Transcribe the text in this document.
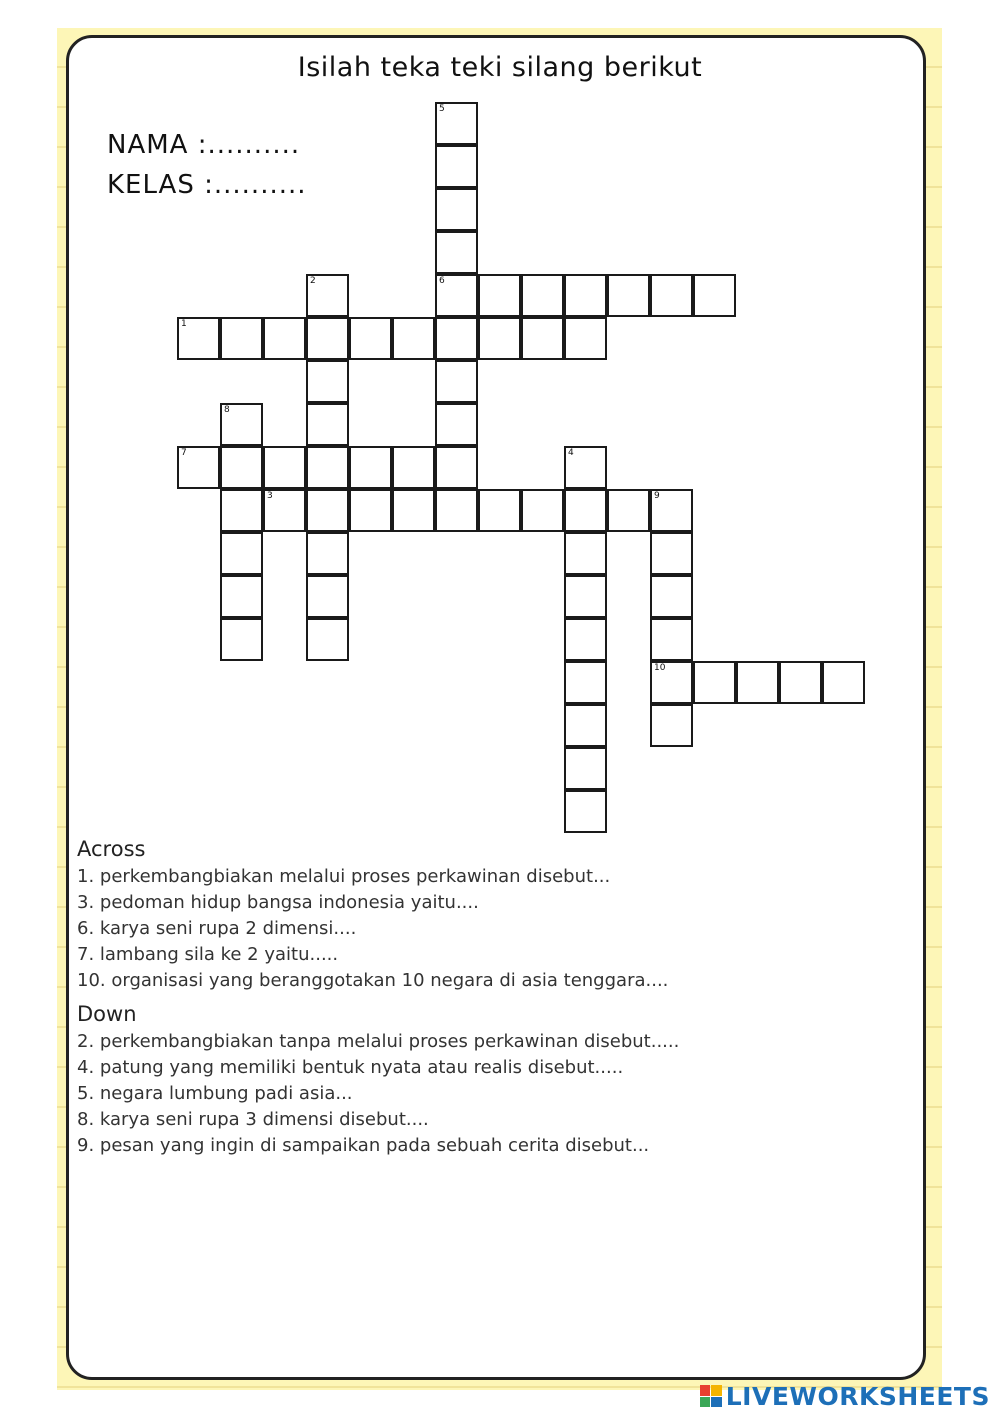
Isilah teka teki silang berikut
NAMA :..........
KELAS :..........
5
2	6
1
8
7	4
3	9
10
Across
1. perkembangbiakan melalui proses perkawinan disebut...
3. pedoman hidup bangsa indonesia yaitu....
6. karya seni rupa 2 dimensi....
7. lambang sila ke 2 yaitu.....
10. organisasi yang beranggotakan 10 negara di asia tenggara....
Down
2. perkembangbiakan tanpa melalui proses perkawinan disebut.....
4. patung yang memiliki bentuk nyata atau realis disebut.....
5. negara lumbung padi asia...
8. karya seni rupa 3 dimensi disebut....
9. pesan yang ingin di sampaikan pada sebuah cerita disebut...
LIVEWORKSHEETS
